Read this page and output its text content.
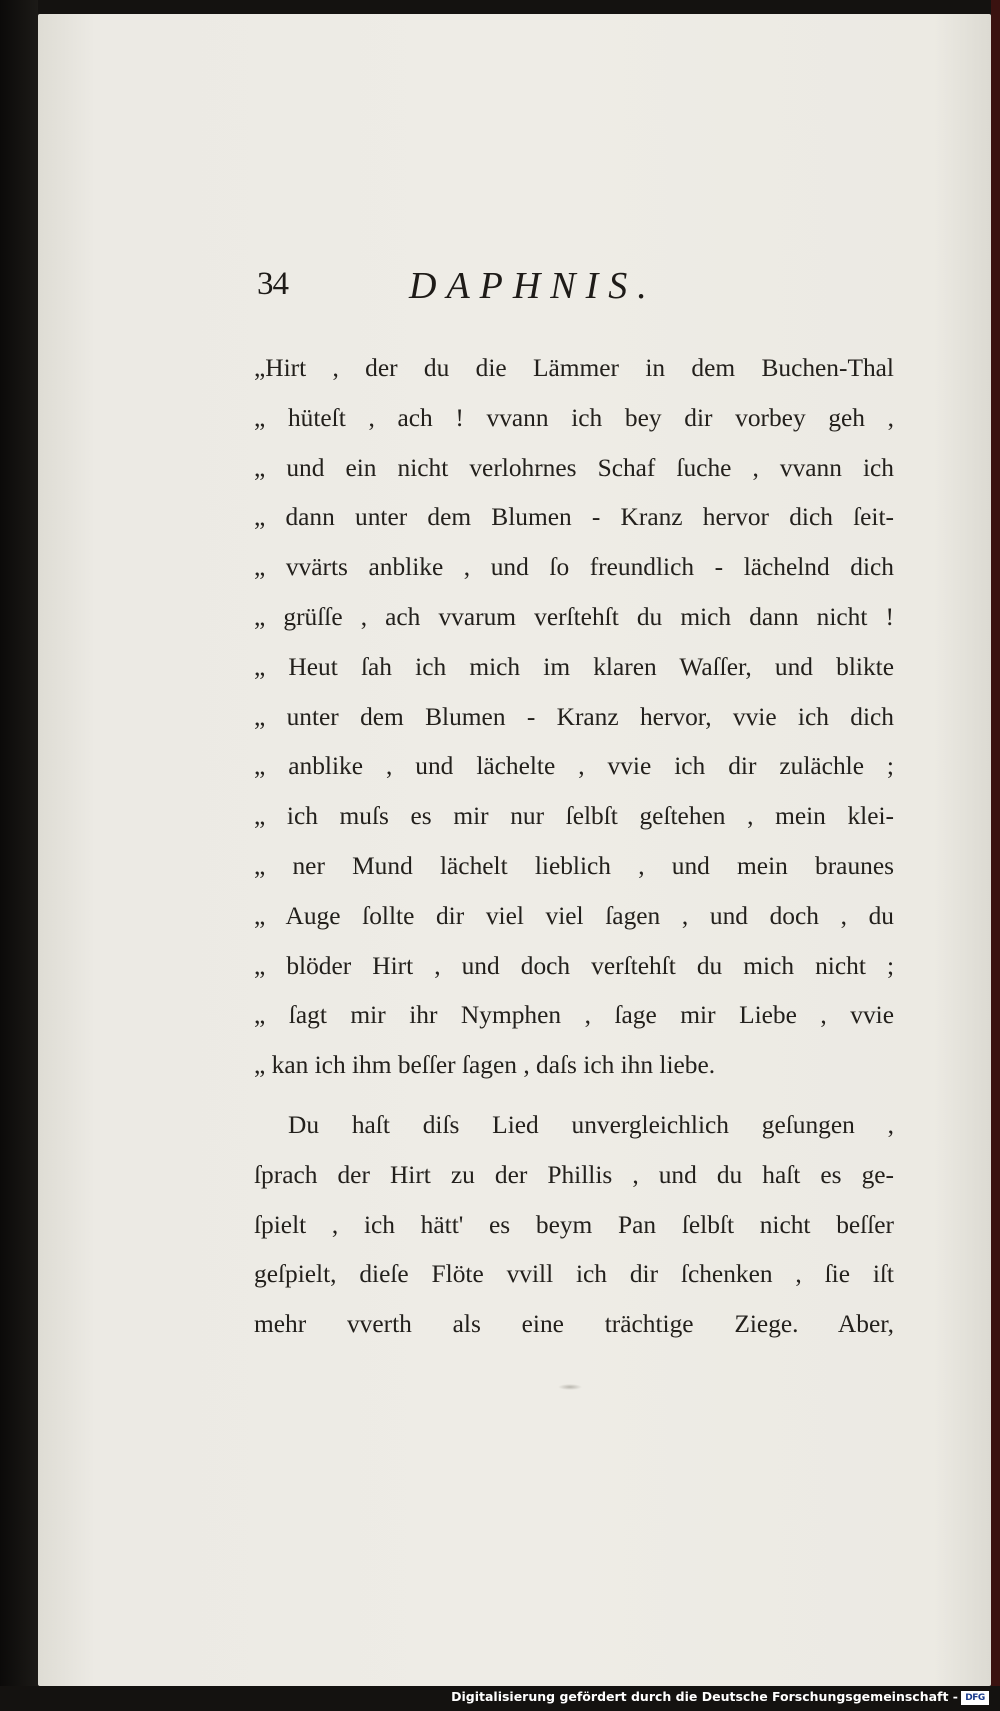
34	DAPHNIS.
„Hirt , der du die Lämmer in dem Buchen-Thal
„ hüteſt , ach ! vvann ich bey dir vorbey geh ,
„ und ein nicht verlohrnes Schaf ſuche , vvann ich
„ dann unter dem Blumen - Kranz hervor dich ſeit-
„ vvärts anblike , und ſo freundlich - lächelnd dich
„ grüſſe , ach vvarum verſtehſt du mich dann nicht !
„ Heut ſah ich mich im klaren Waſſer, und blikte
„ unter dem Blumen - Kranz hervor, vvie ich dich
„ anblike , und lächelte , vvie ich dir zulächle ;
„ ich muſs es mir nur ſelbſt geſtehen , mein klei-
„ ner Mund lächelt lieblich , und mein braunes
„ Auge ſollte dir viel viel ſagen , und doch , du
„ blöder Hirt , und doch verſtehſt du mich nicht ;
„ ſagt mir ihr Nymphen , ſage mir Liebe , vvie
„ kan ich ihm beſſer ſagen , daſs ich ihn liebe.
Du haſt diſs Lied unvergleichlich geſungen ,
ſprach der Hirt zu der Phillis , und du haſt es ge-
ſpielt , ich hätt' es beym Pan ſelbſt nicht beſſer
geſpielt, dieſe Flöte vvill ich dir ſchenken , ſie iſt
mehr vverth als eine trächtige Ziege. Aber,
Digitalisierung gefördert durch die Deutsche Forschungsgemeinschaft - DFG
